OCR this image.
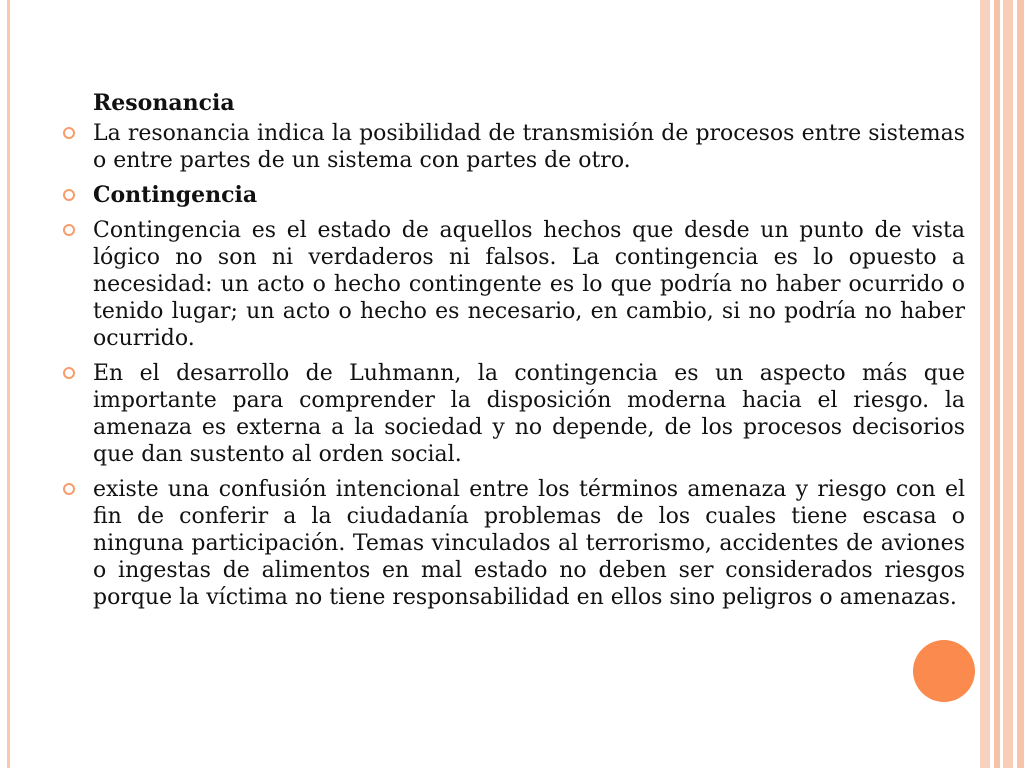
Resonancia
La resonancia indica la posibilidad de transmisión de procesos entre sistemas o entre partes de un sistema con partes de otro.
Contingencia
Contingencia es el estado de aquellos hechos que desde un punto de vista lógico no son ni verdaderos ni falsos. La contingencia es lo opuesto a necesidad: un acto o hecho contingente es lo que podría no haber ocurrido o tenido lugar; un acto o hecho es necesario, en cambio, si no podría no haber ocurrido.
En el desarrollo de Luhmann, la contingencia es un aspecto más que importante para comprender la disposición moderna hacia el riesgo. la amenaza es externa a la sociedad y no depende, de los procesos decisorios que dan sustento al orden social.
existe una confusión intencional entre los términos amenaza y riesgo con el fin de conferir a la ciudadanía problemas de los cuales tiene escasa o ninguna participación. Temas vinculados al terrorismo, accidentes de aviones o ingestas de alimentos en mal estado no deben ser considerados riesgos porque la víctima no tiene responsabilidad en ellos sino peligros o amenazas.
